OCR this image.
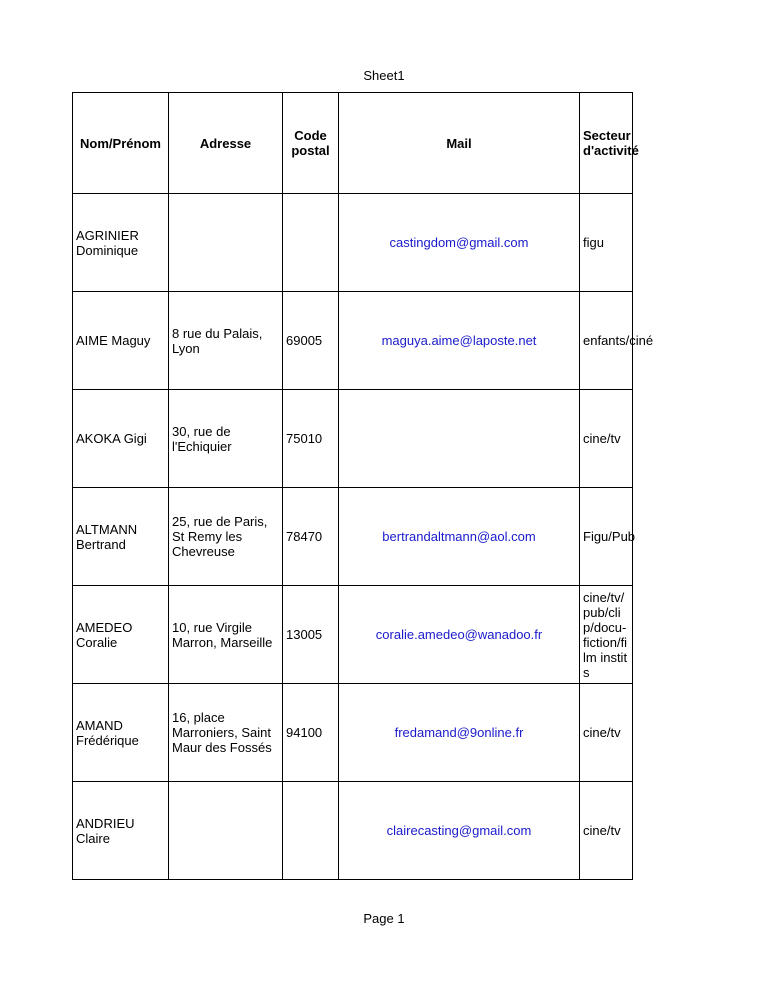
Sheet1
Nom/Prénom	Adresse	Code postal	Mail	Secteur d'activité
AGRINIER Dominique			castingdom@gmail.com	figu
AIME Maguy	8 rue du Palais, Lyon	69005	maguya.aime@laposte.net	enfants/ciné
AKOKA Gigi	30, rue de l'Echiquier	75010		cine/tv
ALTMANN Bertrand	25, rue de Paris, St Remy les Chevreuse	78470	bertrandaltmann@aol.com	Figu/Pub
AMEDEO Coralie	10, rue Virgile Marron, Marseille	13005	coralie.amedeo@wanadoo.fr	cine/tv/pub/clip/docu-fiction/film instits
AMAND Frédérique	16, place Marroniers, Saint Maur des Fossés	94100	fredamand@9online.fr	cine/tv
ANDRIEU Claire			clairecasting@gmail.com	cine/tv
Page 1
